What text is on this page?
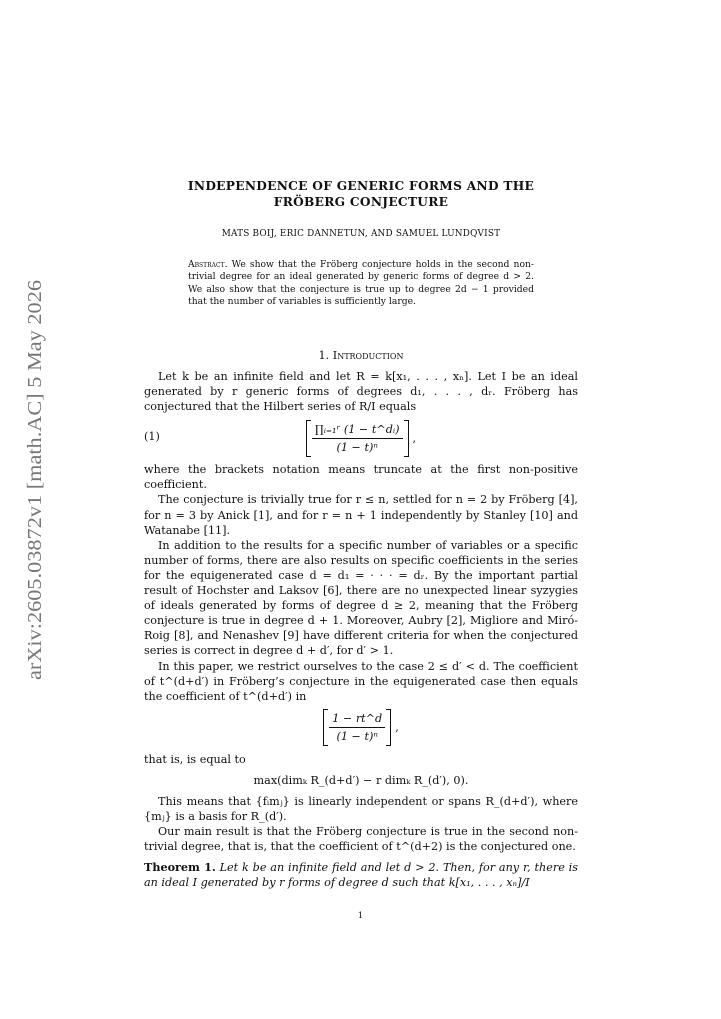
arXiv:2605.03872v1 [math.AC] 5 May 2026
INDEPENDENCE OF GENERIC FORMS AND THE
FRÖBERG CONJECTURE
MATS BOIJ, ERIC DANNETUN, AND SAMUEL LUNDQVIST
Abstract. We show that the Fröberg conjecture holds in the second non-trivial degree for an ideal generated by generic forms of degree d > 2. We also show that the conjecture is true up to degree 2d − 1 provided that the number of variables is sufficiently large.
1. Introduction

Let k be an infinite field and let R = k[x₁, . . . , xₙ]. Let I be an ideal generated by r generic forms of degrees d₁, . . . , dᵣ. Fröberg has conjectured that the Hilbert series of R/I equals

(1)	$\frac{\text{∏ᵢ₌₁ʳ (1 − t\textasciicircum{}dᵢ)}}{\text{(1 − t)ⁿ}}$ ,

where the brackets notation means truncate at the first non-positive coefficient.

The conjecture is trivially true for r ≤ n, settled for n = 2 by Fröberg [4], for n = 3 by Anick [1], and for r = n + 1 independently by Stanley [10] and Watanabe [11].

In addition to the results for a specific number of variables or a specific number of forms, there are also results on specific coefficients in the series for the equigenerated case d = d₁ = · · · = dᵣ. By the important partial result of Hochster and Laksov [6], there are no unexpected linear syzygies of ideals generated by forms of degree d ≥ 2, meaning that the Fröberg conjecture is true in degree d + 1. Moreover, Aubry [2], Migliore and Miró-Roig [8], and Nenashev [9] have different criteria for when the conjectured series is correct in degree d + d′, for d′ > 1.

In this paper, we restrict ourselves to the case 2 ≤ d′ < d. The coefficient of t^(d+d′) in Fröberg’s conjecture in the equigenerated case then equals the coefficient of t^(d+d′) in

$\frac{1 - rt\^{}d}{\text{(1 − t)ⁿ}}$ ,

that is, is equal to

max(dimₖ R_(d+d′) − r dimₖ R_(d′), 0).

This means that {fᵢmⱼ} is linearly independent or spans R_(d+d′), where {mⱼ} is a basis for R_(d′).

Our main result is that the Fröberg conjecture is true in the second non-trivial degree, that is, that the coefficient of t^(d+2) is the conjectured one.

Theorem 1. Let k be an infinite field and let d > 2. Then, for any r, there is an ideal I generated by r forms of degree d such that k[x₁, . . . , xₙ]/I

1
